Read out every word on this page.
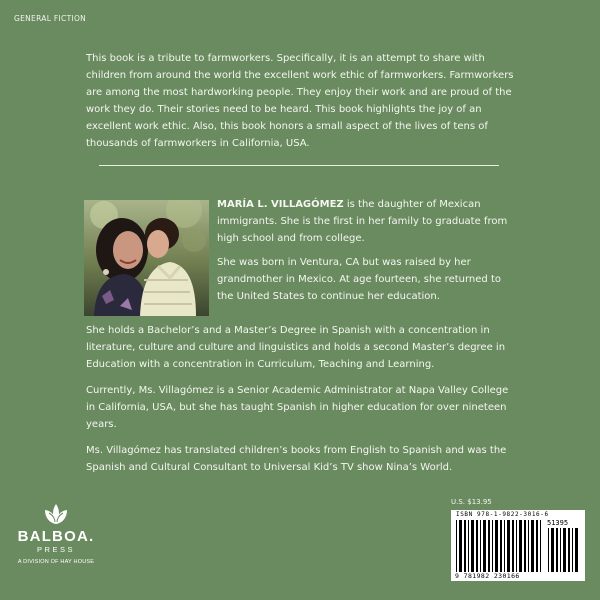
GENERAL FICTION

This book is a tribute to farmworkers. Specifically, it is an attempt to share with children from around the world the excellent work ethic of farmworkers. Farmworkers are among the most hardworking people. They enjoy their work and are proud of the work they do. Their stories need to be heard. This book highlights the joy of an excellent work ethic. Also, this book honors a small aspect of the lives of tens of thousands of farmworkers in California, USA.

MARÍA L. VILLAGÓMEZ is the daughter of Mexican immigrants. She is the first in her family to graduate from high school and from college.

She was born in Ventura, CA but was raised by her grandmother in Mexico. At age fourteen, she returned to the United States to continue her education.

She holds a Bachelor’s and a Master’s Degree in Spanish with a concentration in literature, culture and culture and linguistics and holds a second Master’s degree in Education with a concentration in Curriculum, Teaching and Learning.

Currently, Ms. Villagómez is a Senior Academic Administrator at Napa Valley College in California, USA, but she has taught Spanish in higher education for over nineteen years.

Ms. Villagómez has translated children’s books from English to Spanish and was the Spanish and Cultural Consultant to Universal Kid’s TV show Nina’s World.

BALBOA.
PRESS
A DIVISION OF HAY HOUSE
U.S. $13.95
ISBN 978-1-9822-3016-6
51395
9 781982 230166
